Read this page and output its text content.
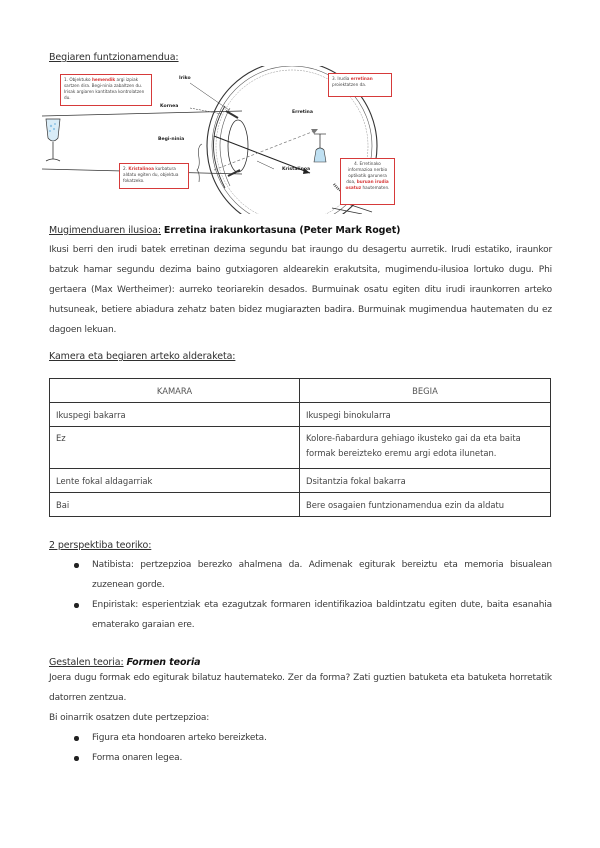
Begiaren funtzionamendua:
Iriko
Kornea
Begi-ninia
Erretina
Kristalinoa
1. Objektuko hemendik argi izpiak sartzen dira. Begi-ninia zabaltzen du. Irisak argiaren kantitatea kontrolatzen du.
2. Kristalinoa kurbatura aldatu egiten du, objektua fokatzeko.
3. Irudia erretinan proiektatzen da.
4. Erretinako informazioa nerbio optikotik garunera doa, buruan irudia osatuz hautematen.
Mugimenduaren ilusioa: Erretina irakunkortasuna (Peter Mark Roget)
Ikusi berri den irudi batek erretinan dezima segundu bat iraungo du desagertu aurretik. Irudi estatiko, iraunkor
batzuk hamar segundu dezima baino gutxiagoren aldearekin erakutsita, mugimendu-ilusioa lortuko dugu. Phi
gertaera (Max Wertheimer): aurreko teoriarekin desados. Burmuinak osatu egiten ditu irudi iraunkorren arteko
hutsuneak, betiere abiadura zehatz baten bidez mugiarazten badira. Burmuinak mugimendua hautematen du ez
dagoen lekuan.
Kamera eta begiaren arteko alderaketa:
KAMARA	BEGIA
Ikuspegi bakarra	Ikuspegi binokularra
Ez	Kolore-ñabardura gehiago ikusteko gai da eta baita formak bereizteko eremu argi edota ilunetan.
Lente fokal aldagarriak	Dsitantzia fokal bakarra
Bai	Bere osagaien funtzionamendua ezin da aldatu
2 perspektiba teoriko:
Natibista: pertzepzioa berezko ahalmena da. Adimenak egiturak bereiztu eta memoria bisualean zuzenean gorde.
Enpiristak: esperientziak eta ezagutzak formaren identifikazioa baldintzatu egiten dute, baita esanahia ematerako garaian ere.
Gestalen teoria: Formen teoria
Joera dugu formak edo egiturak bilatuz hautemateko. Zer da forma? Zati guztien batuketa eta batuketa horretatik
datorren zentzua.
Bi oinarrik osatzen dute pertzepzioa:
Figura eta hondoaren arteko bereizketa.
Forma onaren legea.
